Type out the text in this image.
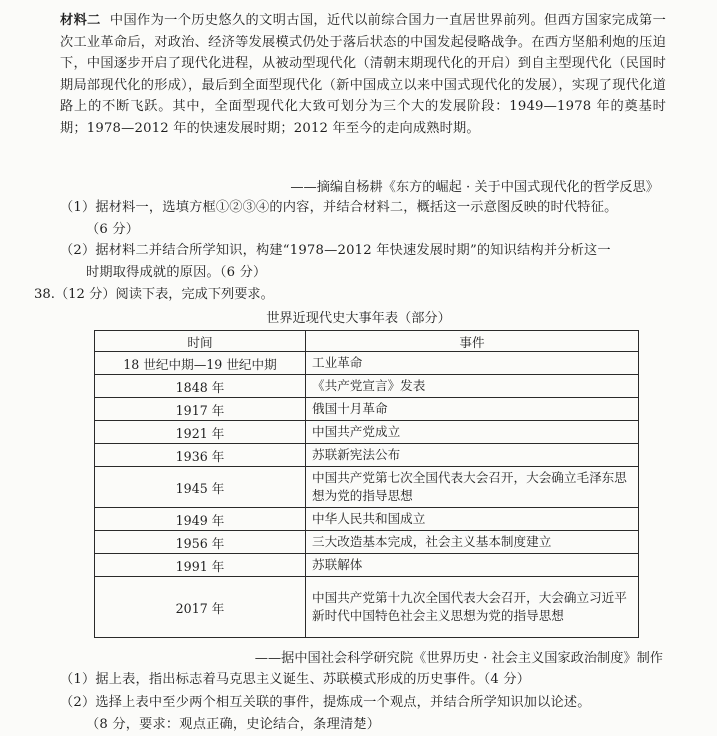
材料二 中国作为一个历史悠久的文明古国，近代以前综合国力一直居世界前列。但西方国家完成第一次工业革命后，对政治、经济等发展模式仍处于落后状态的中国发起侵略战争。在西方坚船利炮的压迫下，中国逐步开启了现代化进程，从被动型现代化（清朝末期现代化的开启）到自主型现代化（民国时期局部现代化的形成），最后到全面型现代化（新中国成立以来中国式现代化的发展），实现了现代化道路上的不断飞跃。其中，全面型现代化大致可划分为三个大的发展阶段：1949—1978 年的奠基时期；1978—2012 年的快速发展时期；2012 年至今的走向成熟时期。
——摘编自杨耕《东方的崛起 · 关于中国式现代化的哲学反思》
（1）据材料一，选填方框①②③④的内容，并结合材料二，概括这一示意图反映的时代特征。
（6 分）
（2）据材料二并结合所学知识，构建“1978—2012 年快速发展时期”的知识结构并分析这一
时期取得成就的原因。（6 分）
38.（12 分）阅读下表，完成下列要求。
世界近现代史大事年表（部分）
时间	事件
18 世纪中期—19 世纪中期	工业革命
1848 年	《共产党宣言》发表
1917 年	俄国十月革命
1921 年	中国共产党成立
1936 年	苏联新宪法公布
1945 年	中国共产党第七次全国代表大会召开，大会确立毛泽东思想为党的指导思想
1949 年	中华人民共和国成立
1956 年	三大改造基本完成，社会主义基本制度建立
1991 年	苏联解体
2017 年	中国共产党第十九次全国代表大会召开，大会确立习近平新时代中国特色社会主义思想为党的指导思想
——据中国社会科学研究院《世界历史 · 社会主义国家政治制度》制作
（1）据上表，指出标志着马克思主义诞生、苏联模式形成的历史事件。（4 分）
（2）选择上表中至少两个相互关联的事件，提炼成一个观点，并结合所学知识加以论述。
（8 分，要求：观点正确，史论结合，条理清楚）
